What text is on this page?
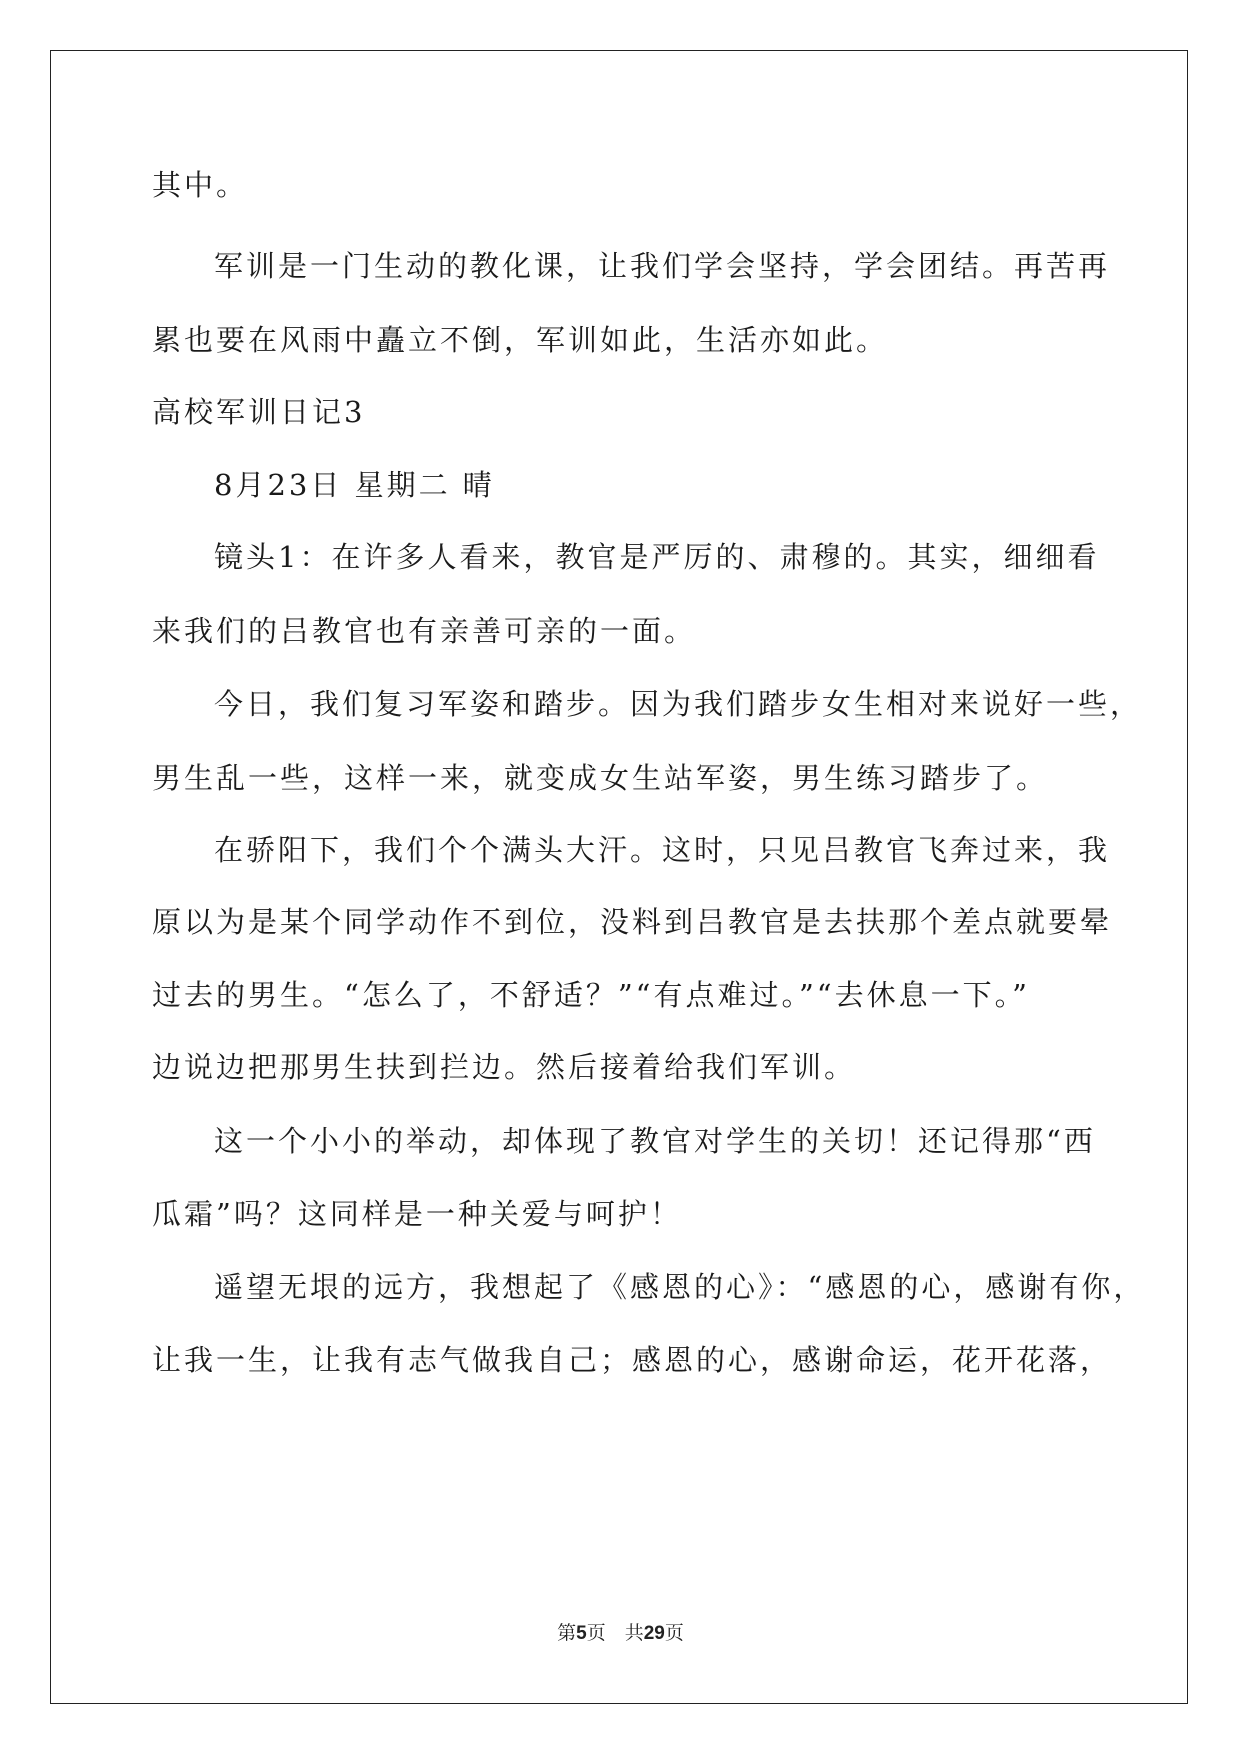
其中。
军训是一门生动的教化课，让我们学会坚持，学会团结。再苦再
累也要在风雨中矗立不倒，军训如此，生活亦如此。
高校军训日记3
8月23日 星期二 晴
镜头1：在许多人看来，教官是严厉的、肃穆的。其实，细细看
来我们的吕教官也有亲善可亲的一面。
今日，我们复习军姿和踏步。因为我们踏步女生相对来说好一些，
男生乱一些，这样一来，就变成女生站军姿，男生练习踏步了。
在骄阳下，我们个个满头大汗。这时，只见吕教官飞奔过来，我
原以为是某个同学动作不到位，没料到吕教官是去扶那个差点就要晕
过去的男生。“怎么了，不舒适？”“有点难过。”“去休息一下。”
边说边把那男生扶到拦边。然后接着给我们军训。
这一个小小的举动，却体现了教官对学生的关切！还记得那“西
瓜霜”吗？这同样是一种关爱与呵护！
遥望无垠的远方，我想起了《感恩的心》：“感恩的心，感谢有你，
让我一生，让我有志气做我自己；感恩的心，感谢命运，花开花落，
第5页　共29页
